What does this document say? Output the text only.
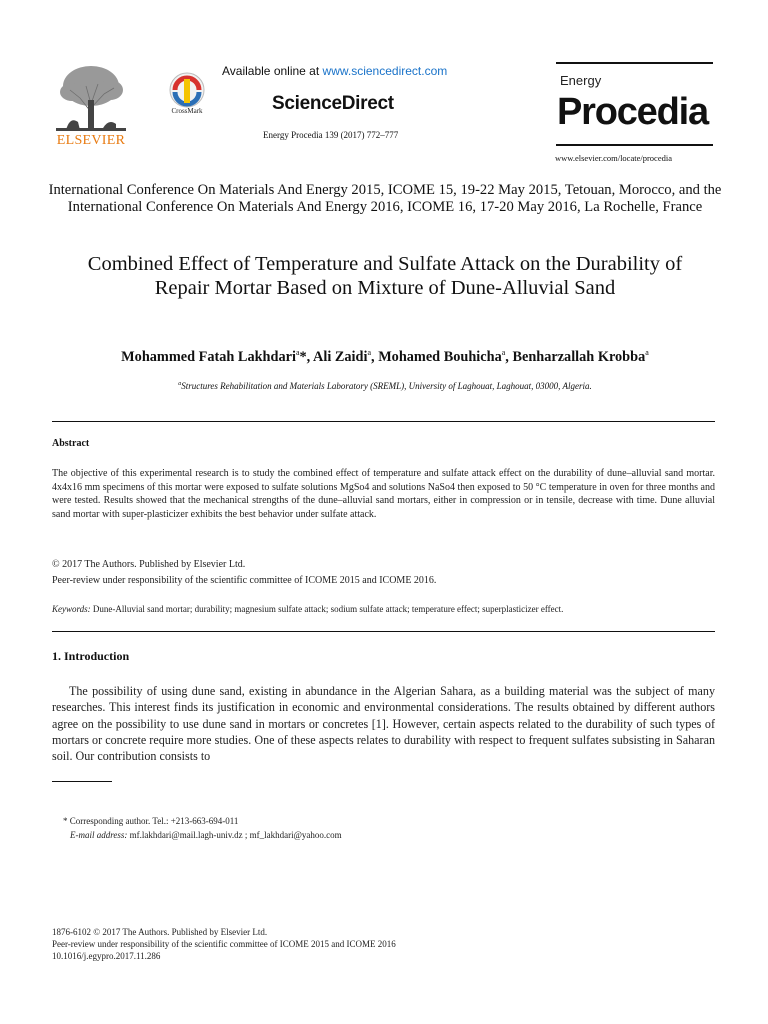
ELSEVIER
CrossMark
Available online at www.sciencedirect.com
ScienceDirect
Energy Procedia 139 (2017) 772–777
Energy
Procedia
www.elsevier.com/locate/procedia
International Conference On Materials And Energy 2015, ICOME 15, 19-22 May 2015, Tetouan, Morocco, and the International Conference On Materials And Energy 2016, ICOME 16, 17-20 May 2016, La Rochelle, France
Combined Effect of Temperature and Sulfate Attack on the Durability of Repair Mortar Based on Mixture of Dune-Alluvial Sand
Mohammed Fatah Lakhdari$^a$*, Ali Zaidi$^a$, Mohamed Bouhicha$^a$, Benharzallah Krobba$^a$
$^a$Structures Rehabilitation and Materials Laboratory (SREML), University of Laghouat, Laghouat, 03000, Algeria.
Abstract
The objective of this experimental research is to study the combined effect of temperature and sulfate attack effect on the durability of dune–alluvial sand mortar. 4x4x16 mm specimens of this mortar were exposed to sulfate solutions MgSo4 and solutions NaSo4 then exposed to 50 °C temperature in oven for three months and were tested. Results showed that the mechanical strengths of the dune–alluvial sand mortars, either in compression or in tensile, decrease with time. Dune alluvial sand mortar with super-plasticizer exhibits the best behavior under sulfate attack.
© 2017 The Authors. Published by Elsevier Ltd.
Peer-review under responsibility of the scientific committee of ICOME 2015 and ICOME 2016.
Keywords: Dune-Alluvial sand mortar; durability; magnesium sulfate attack; sodium sulfate attack; temperature effect; superplasticizer effect.
1. Introduction
The possibility of using dune sand, existing in abundance in the Algerian Sahara, as a building material was the subject of many researches. This interest finds its justification in economic and environmental considerations. The results obtained by different authors agree on the possibility to use dune sand in mortars or concretes [1]. However, certain aspects related to the durability of such types of mortars or concrete require more studies. One of these aspects relates to durability with respect to frequent sulfates subsisting in Saharan soil. Our contribution consists to
* Corresponding author. Tel.: +213-663-694-011
E-mail address: mf.lakhdari@mail.lagh-univ.dz ; mf_lakhdari@yahoo.com
1876-6102 © 2017 The Authors. Published by Elsevier Ltd.
Peer-review under responsibility of the scientific committee of ICOME 2015 and ICOME 2016
10.1016/j.egypro.2017.11.286
